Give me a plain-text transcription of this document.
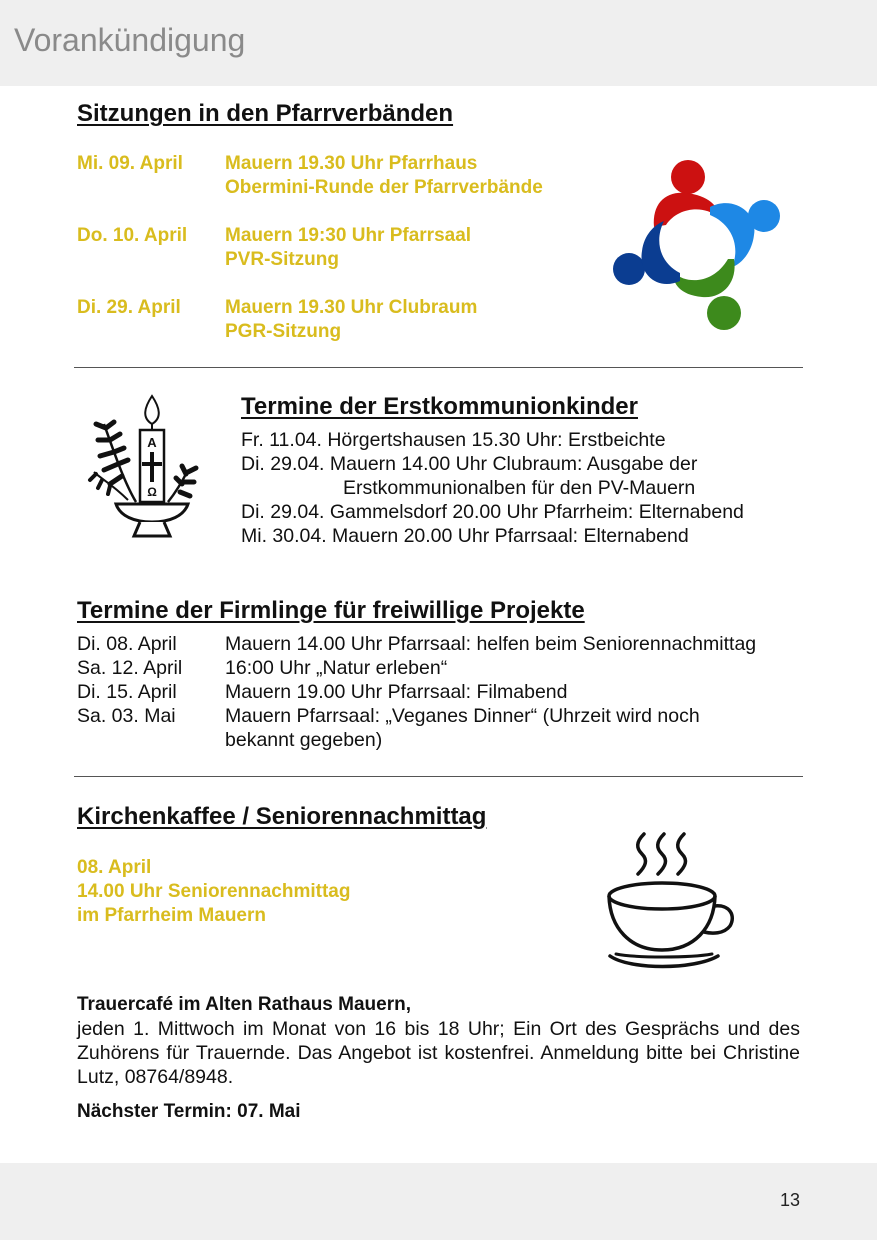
Vorankündigung
Sitzungen in den Pfarrverbänden
Mi. 09. April Mauern 19.30 Uhr Pfarrhaus
Obermini-Runde der Pfarrverbände
Do. 10. April Mauern 19:30 Uhr Pfarrsaal
PVR-Sitzung
Di. 29. April Mauern 19.30 Uhr Clubraum
PGR-Sitzung
A
Ω
Termine der Erstkommunionkinder
Fr. 11.04. Hörgertshausen 15.30 Uhr: Erstbeichte
Di. 29.04. Mauern 14.00 Uhr Clubraum: Ausgabe der
Erstkommunionalben für den PV-Mauern
Di. 29.04. Gammelsdorf 20.00 Uhr Pfarrheim: Elternabend
Mi. 30.04. Mauern 20.00 Uhr Pfarrsaal: Elternabend
Termine der Firmlinge für freiwillige Projekte
Di. 08. April Mauern 14.00 Uhr Pfarrsaal: helfen beim Seniorennachmittag
Sa. 12. April 16:00 Uhr „Natur erleben“
Di. 15. April Mauern 19.00 Uhr Pfarrsaal: Filmabend
Sa. 03. Mai	Mauern Pfarrsaal: „Veganes Dinner“ (Uhrzeit wird noch
bekannt gegeben)
Kirchenkaffee / Seniorennachmittag
08. April
14.00 Uhr Seniorennachmittag
im Pfarrheim Mauern
Trauercafé im Alten Rathaus Mauern,
jeden 1. Mittwoch im Monat von 16 bis 18 Uhr; Ein Ort des Gesprächs und des Zuhörens für Trauernde. Das Angebot ist kostenfrei. Anmeldung bitte bei Christine Lutz, 08764/8948.
Nächster Termin: 07. Mai
13
